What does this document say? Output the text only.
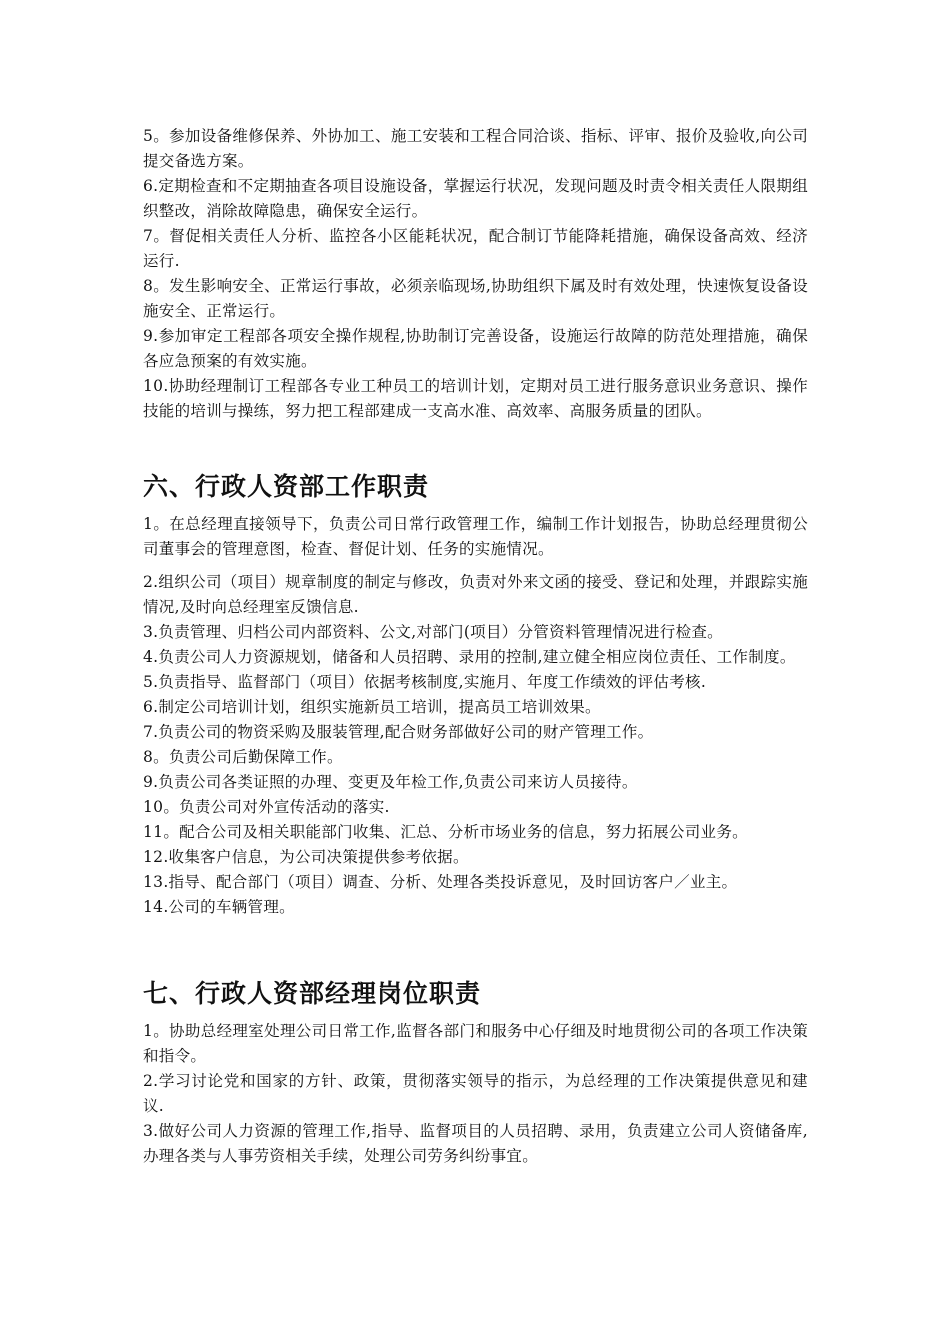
5。参加设备维修保养、外协加工、施工安装和工程合同洽谈、指标、评审、报价及验收,向公司提交备选方案。

6.定期检查和不定期抽查各项目设施设备，掌握运行状况，发现问题及时责令相关责任人限期组织整改，消除故障隐患，确保安全运行。

7。督促相关责任人分析、监控各小区能耗状况，配合制订节能降耗措施，确保设备高效、经济运行.

8。发生影响安全、正常运行事故，必须亲临现场,协助组织下属及时有效处理，快速恢复设备设施安全、正常运行。

9.参加审定工程部各项安全操作规程,协助制订完善设备，设施运行故障的防范处理措施，确保各应急预案的有效实施。

10.协助经理制订工程部各专业工种员工的培训计划，定期对员工进行服务意识业务意识、操作技能的培训与操练，努力把工程部建成一支高水准、高效率、高服务质量的团队。

六、行政人资部工作职责

1。在总经理直接领导下，负责公司日常行政管理工作，编制工作计划报告，协助总经理贯彻公司董事会的管理意图，检查、督促计划、任务的实施情况。

2.组织公司（项目）规章制度的制定与修改，负责对外来文函的接受、登记和处理，并跟踪实施情况,及时向总经理室反馈信息.

3.负责管理、归档公司内部资料、公文,对部门(项目）分管资料管理情况进行检查。

4.负责公司人力资源规划，储备和人员招聘、录用的控制,建立健全相应岗位责任、工作制度。

5.负责指导、监督部门（项目）依据考核制度,实施月、年度工作绩效的评估考核.

6.制定公司培训计划，组织实施新员工培训，提高员工培训效果。

7.负责公司的物资采购及服装管理,配合财务部做好公司的财产管理工作。

8。负责公司后勤保障工作。

9.负责公司各类证照的办理、变更及年检工作,负责公司来访人员接待。

10。负责公司对外宣传活动的落实.

11。配合公司及相关职能部门收集、汇总、分析市场业务的信息，努力拓展公司业务。

12.收集客户信息，为公司决策提供参考依据。

13.指导、配合部门（项目）调查、分析、处理各类投诉意见，及时回访客户／业主。

14.公司的车辆管理。

七、行政人资部经理岗位职责

1。协助总经理室处理公司日常工作,监督各部门和服务中心仔细及时地贯彻公司的各项工作决策和指令。

2.学习讨论党和国家的方针、政策，贯彻落实领导的指示，为总经理的工作决策提供意见和建议.

3.做好公司人力资源的管理工作,指导、监督项目的人员招聘、录用，负责建立公司人资储备库,办理各类与人事劳资相关手续，处理公司劳务纠纷事宜。
